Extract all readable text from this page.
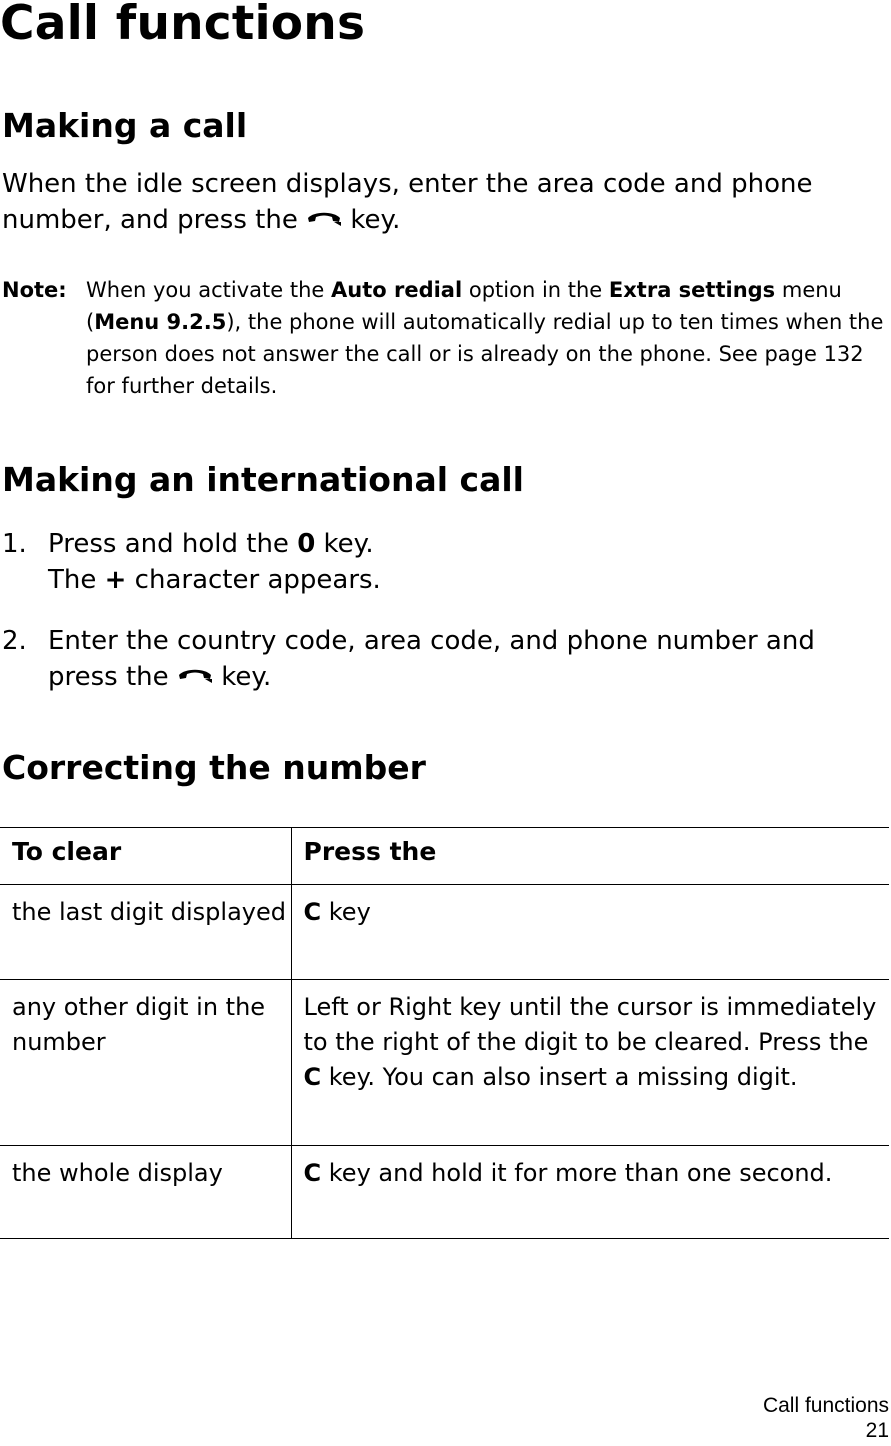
Call functions
Making a call

When the idle screen displays, enter the area code and phone number, and press the key.

Note: When you activate the Auto redial option in the Extra settings menu (Menu 9.2.5), the phone will automatically redial up to ten times when the person does not answer the call or is already on the phone. See page 132 for further details.

Making an international call
1. Press and hold the 0 key.
The + character appears.
2. Enter the country code, area code, and phone number and press the key.
Correcting the number
To clear	Press the
the last digit displayed	C key
any other digit in the number	Left or Right key until the cursor is immediately to the right of the digit to be cleared. Press the C key. You can also insert a missing digit.
the whole display	C key and hold it for more than one second.
Call functions
21
